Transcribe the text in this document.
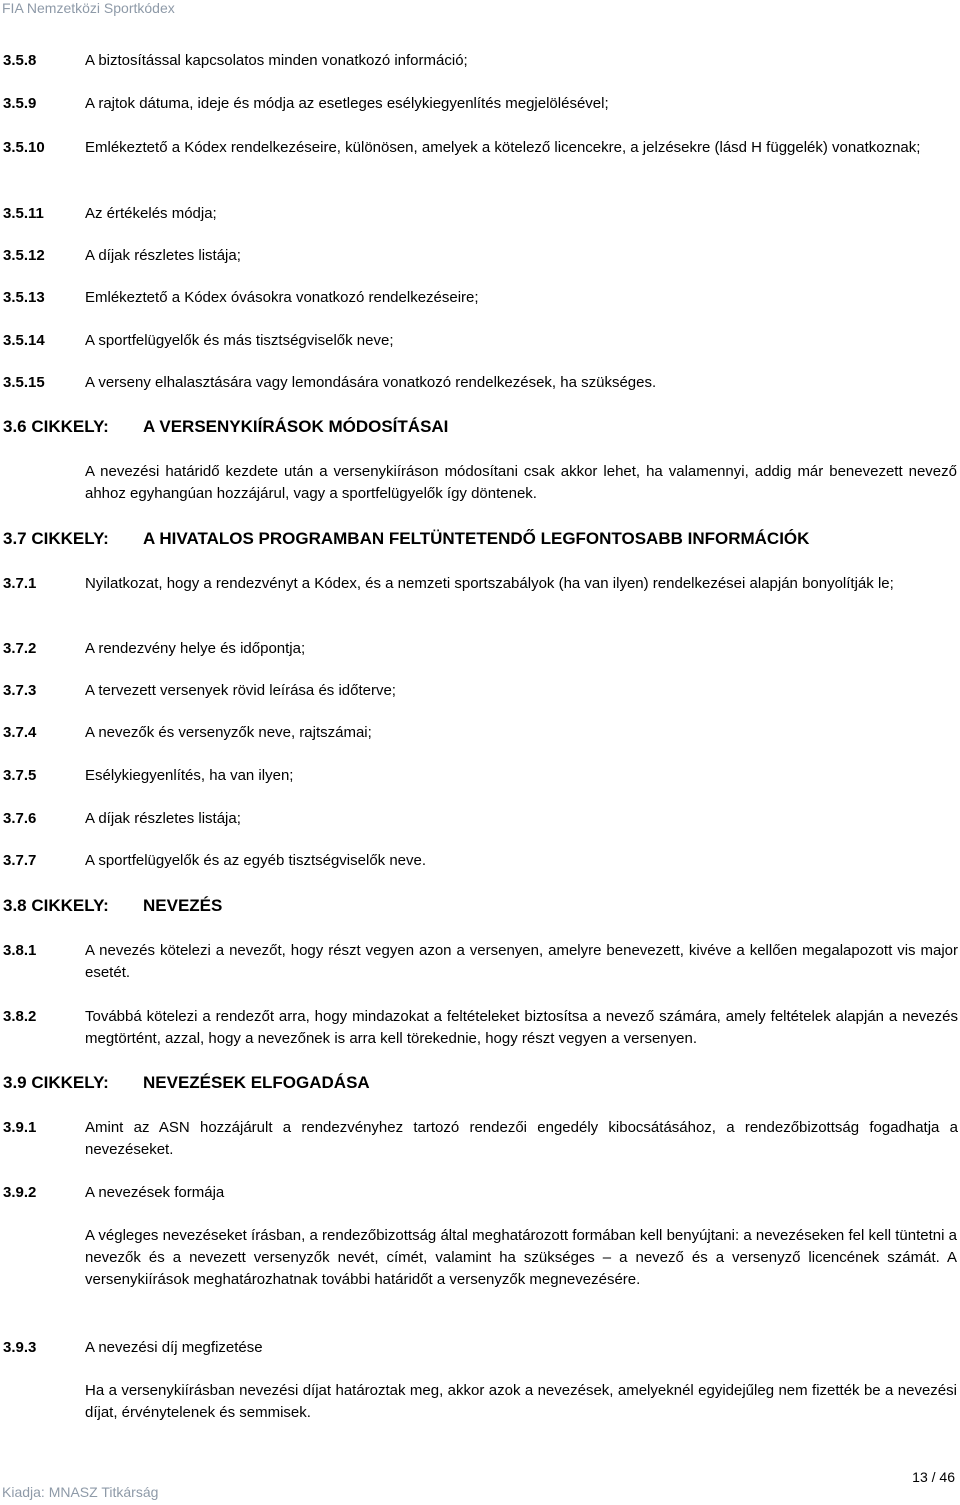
FIA Nemzetközi Sportkódex
3.5.8	A biztosítással kapcsolatos minden vonatkozó információ;
3.5.9	A rajtok dátuma, ideje és módja az esetleges esélykiegyenlítés megjelölésével;
3.5.10	Emlékeztető a Kódex rendelkezéseire, különösen, amelyek a kötelező licencekre, a jelzésekre (lásd H függelék) vonatkoznak;
3.5.11	Az értékelés módja;
3.5.12	A díjak részletes listája;
3.5.13	Emlékeztető a Kódex óvásokra vonatkozó rendelkezéseire;
3.5.14	A sportfelügyelők és más tisztségviselők neve;
3.5.15	A verseny elhalasztására vagy lemondására vonatkozó rendelkezések, ha szükséges.
3.6 CIKKELY: A VERSENYKIÍRÁSOK MÓDOSÍTÁSAI
A nevezési határidő kezdete után a versenykiíráson módosítani csak akkor lehet, ha valamennyi, addig már benevezett nevező ahhoz egyhangúan hozzájárul, vagy a sportfelügyelők így döntenek.
3.7 CIKKELY: A HIVATALOS PROGRAMBAN FELTÜNTETENDŐ LEGFONTOSABB INFORMÁCIÓK
3.7.1	Nyilatkozat, hogy a rendezvényt a Kódex, és a nemzeti sportszabályok (ha van ilyen) rendelkezései alapján bonyolítják le;
3.7.2	A rendezvény helye és időpontja;
3.7.3	A tervezett versenyek rövid leírása és időterve;
3.7.4	A nevezők és versenyzők neve, rajtszámai;
3.7.5	Esélykiegyenlítés, ha van ilyen;
3.7.6	A díjak részletes listája;
3.7.7	A sportfelügyelők és az egyéb tisztségviselők neve.
3.8 CIKKELY: NEVEZÉS
3.8.1	A nevezés kötelezi a nevezőt, hogy részt vegyen azon a versenyen, amelyre benevezett, kivéve a kellően megalapozott vis major esetét.
3.8.2	Továbbá kötelezi a rendezőt arra, hogy mindazokat a feltételeket biztosítsa a nevező számára, amely feltételek alapján a nevezés megtörtént, azzal, hogy a nevezőnek is arra kell törekednie, hogy részt vegyen a versenyen.
3.9 CIKKELY: NEVEZÉSEK ELFOGADÁSA
3.9.1	Amint az ASN hozzájárult a rendezvényhez tartozó rendezői engedély kibocsátásához, a rendezőbizottság fogadhatja a nevezéseket.
3.9.2	A nevezések formája
A végleges nevezéseket írásban, a rendezőbizottság által meghatározott formában kell benyújtani: a nevezéseken fel kell tüntetni a nevezők és a nevezett versenyzők nevét, címét, valamint ha szükséges – a nevező és a versenyző licencének számát. A versenykiírások meghatározhatnak további határidőt a versenyzők megnevezésére.
3.9.3	A nevezési díj megfizetése
Ha a versenykiírásban nevezési díjat határoztak meg, akkor azok a nevezések, amelyeknél egyidejűleg nem fizették be a nevezési díjat, érvénytelenek és semmisek.
13 / 46
Kiadja: MNASZ Titkárság
